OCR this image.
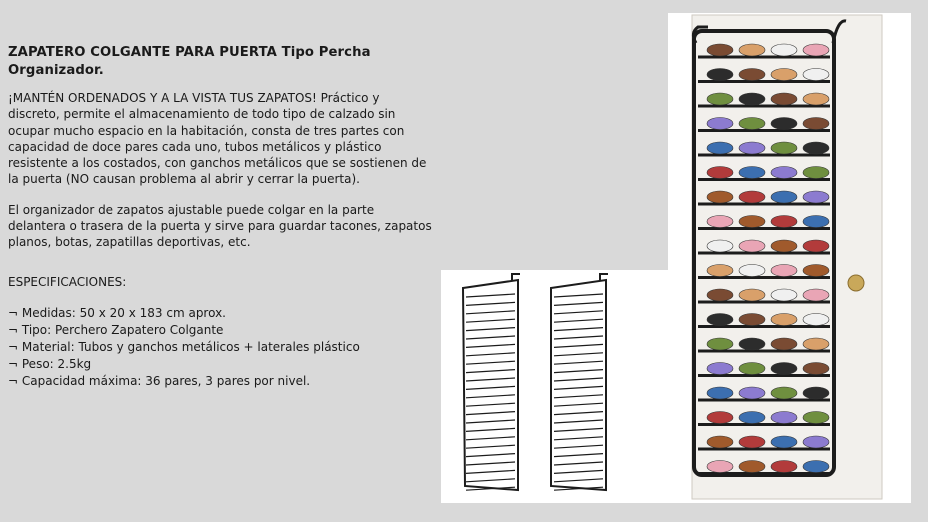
ZAPATERO COLGANTE PARA PUERTA Tipo Percha Organizador.

¡MANTÉN ORDENADOS Y A LA VISTA TUS ZAPATOS! Práctico y discreto, permite el almacenamiento de todo tipo de calzado sin ocupar mucho espacio en la habitación, consta de tres partes con capacidad de doce pares cada uno, tubos metálicos y plástico resistente a los costados, con ganchos metálicos que se sostienen de la puerta (NO causan problema al abrir y cerrar la puerta).

El organizador de zapatos ajustable puede colgar en la parte delantera o trasera de la puerta y sirve para guardar tacones, zapatos planos, botas, zapatillas deportivas, etc.

ESPECIFICACIONES:

¬ Medidas: 50 x 20 x 183 cm aprox.
¬ Tipo: Perchero Zapatero Colgante
¬ Material: Tubos y ganchos metálicos + laterales plástico
¬ Peso: 2.5kg
¬ Capacidad máxima: 36 pares, 3 pares por nivel.
